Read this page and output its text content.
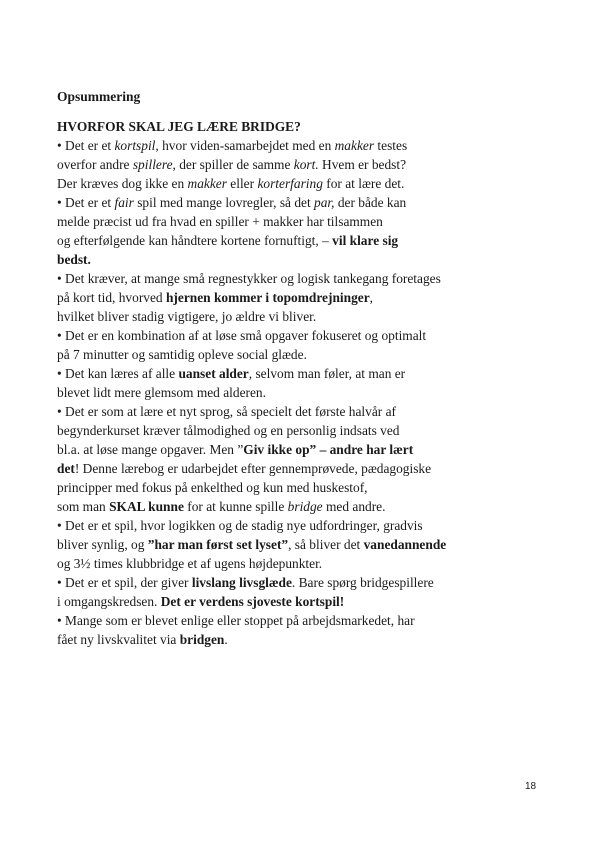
Opsummering
HVORFOR SKAL JEG LÆRE BRIDGE?
• Det er et kortspil, hvor viden-samarbejdet med en makker testes
overfor andre spillere, der spiller de samme kort. Hvem er bedst?
Der kræves dog ikke en makker eller korterfaring for at lære det.
• Det er et fair spil med mange lovregler, så det par, der både kan
melde præcist ud fra hvad en spiller + makker har tilsammen
og efterfølgende kan håndtere kortene fornuftigt, – vil klare sig
bedst.
• Det kræver, at mange små regnestykker og logisk tankegang foretages
på kort tid, hvorved hjernen kommer i topomdrejninger,
hvilket bliver stadig vigtigere, jo ældre vi bliver.
• Det er en kombination af at løse små opgaver fokuseret og optimalt
på 7 minutter og samtidig opleve social glæde.
• Det kan læres af alle uanset alder, selvom man føler, at man er
blevet lidt mere glemsom med alderen.
• Det er som at lære et nyt sprog, så specielt det første halvår af
begynderkurset kræver tålmodighed og en personlig indsats ved
bl.a. at løse mange opgaver. Men ”Giv ikke op” – andre har lært
det! Denne lærebog er udarbejdet efter gennemprøvede, pædagogiske
principper med fokus på enkelthed og kun med huskestof,
som man SKAL kunne for at kunne spille bridge med andre.
• Det er et spil, hvor logikken og de stadig nye udfordringer, gradvis
bliver synlig, og ”har man først set lyset”, så bliver det vanedannende
og 3½ times klubbridge et af ugens højdepunkter.
• Det er et spil, der giver livslang livsglæde. Bare spørg bridgespillere
i omgangskredsen. Det er verdens sjoveste kortspil!
• Mange som er blevet enlige eller stoppet på arbejdsmarkedet, har
fået ny livskvalitet via bridgen.
18
